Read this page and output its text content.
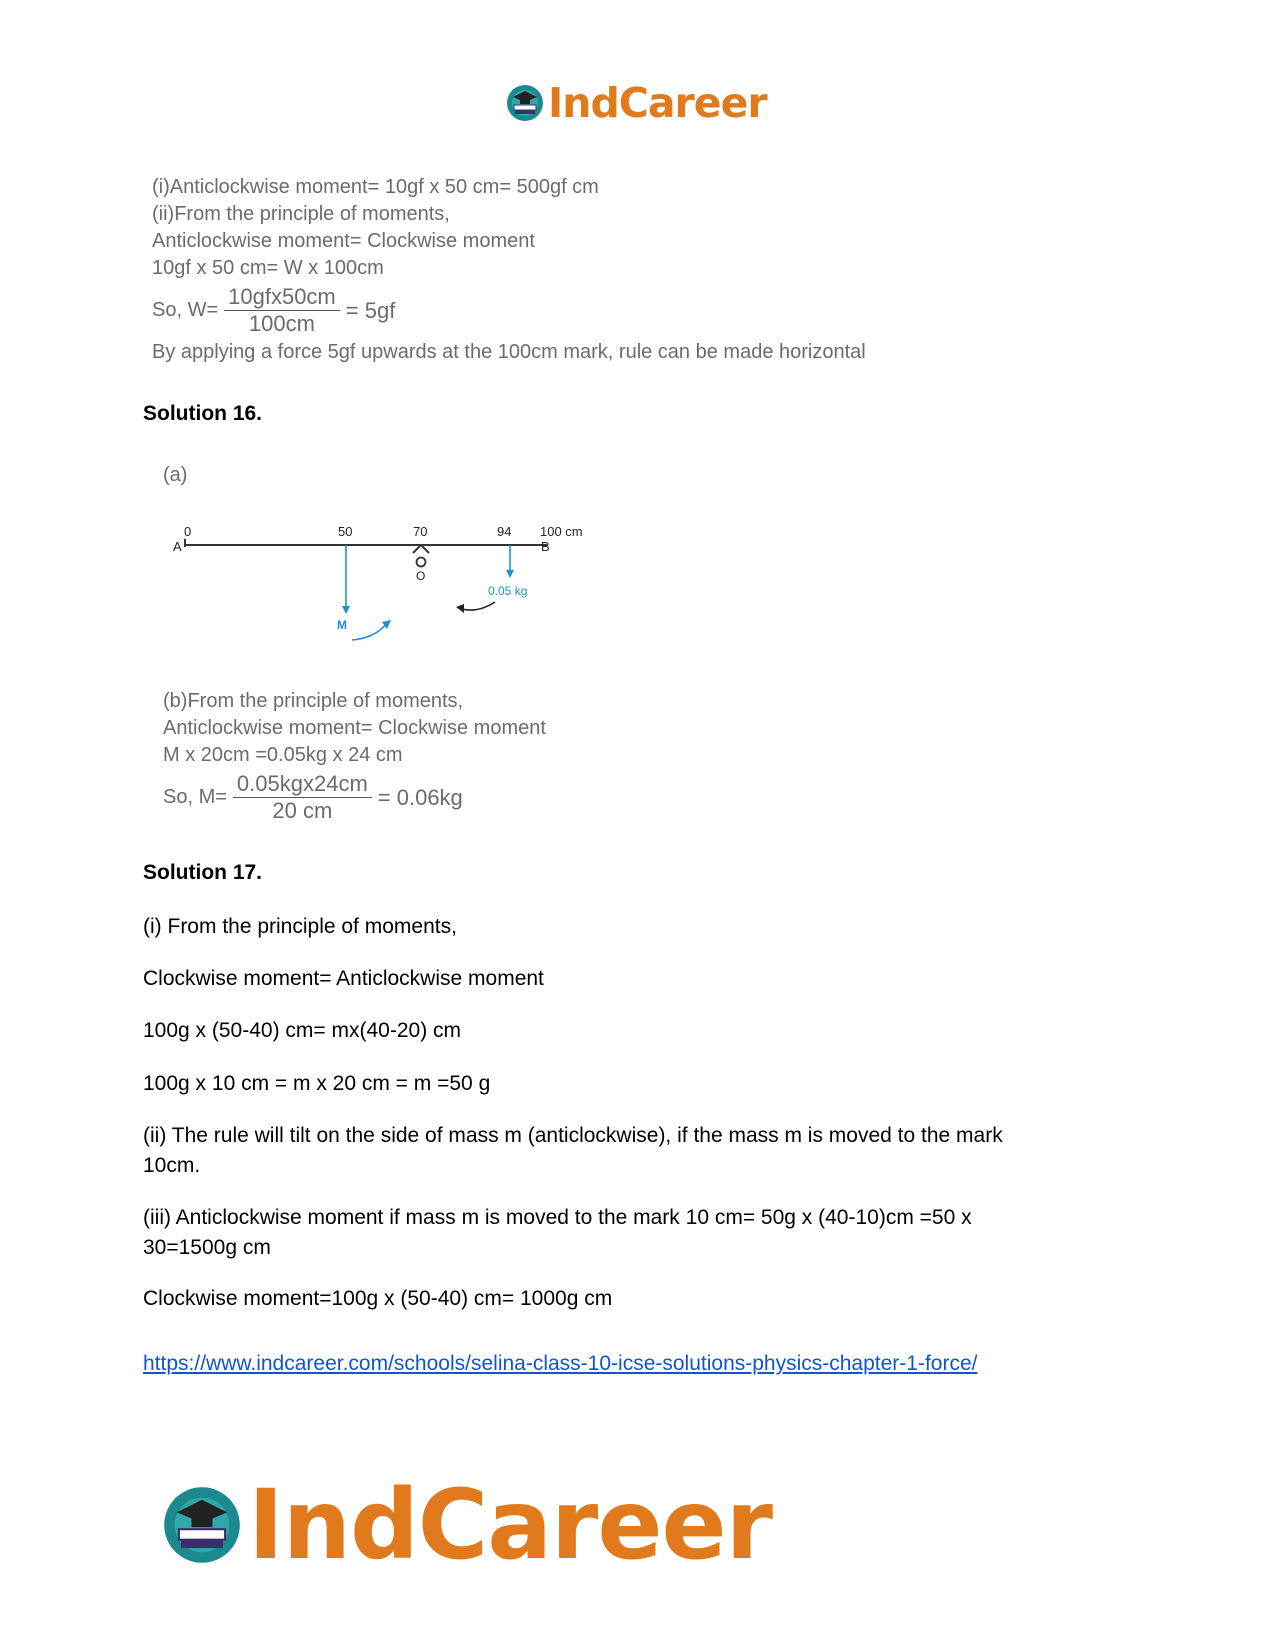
IndCareer
(i)Anticlockwise moment= 10gf x 50 cm= 500gf cm
(ii)From the principle of moments,
Anticlockwise moment= Clockwise moment
10gf x 50 cm= W x 100cm
So, $W= \frac{\text{10gfx50cm}}{100cm} = 5gf$
By applying a force 5gf upwards at the 100cm mark, rule can be made horizontal
Solution 16.
(a)
A	B
0	50	70	94 100 cm
O
M
0.05 kg
(b)From the principle of moments,
Anticlockwise moment= Clockwise moment
M x 20cm =0.05kg x 24 cm
So, $M= \frac{\text{0.05kgx24cm}}{20 cm} = 0.06kg$
Solution 17.
(i) From the principle of moments,
Clockwise moment= Anticlockwise moment
100g x (50-40) cm= mx(40-20) cm
100g x 10 cm = m x 20 cm = m =50 g
(ii) The rule will tilt on the side of mass m (anticlockwise), if the mass m is moved to the mark
10cm.
(iii) Anticlockwise moment if mass m is moved to the mark 10 cm= 50g x (40-10)cm =50 x
30=1500g cm
Clockwise moment=100g x (50-40) cm= 1000g cm
https://www.indcareer.com/schools/selina-class-10-icse-solutions-physics-chapter-1-force/
IndCareer
